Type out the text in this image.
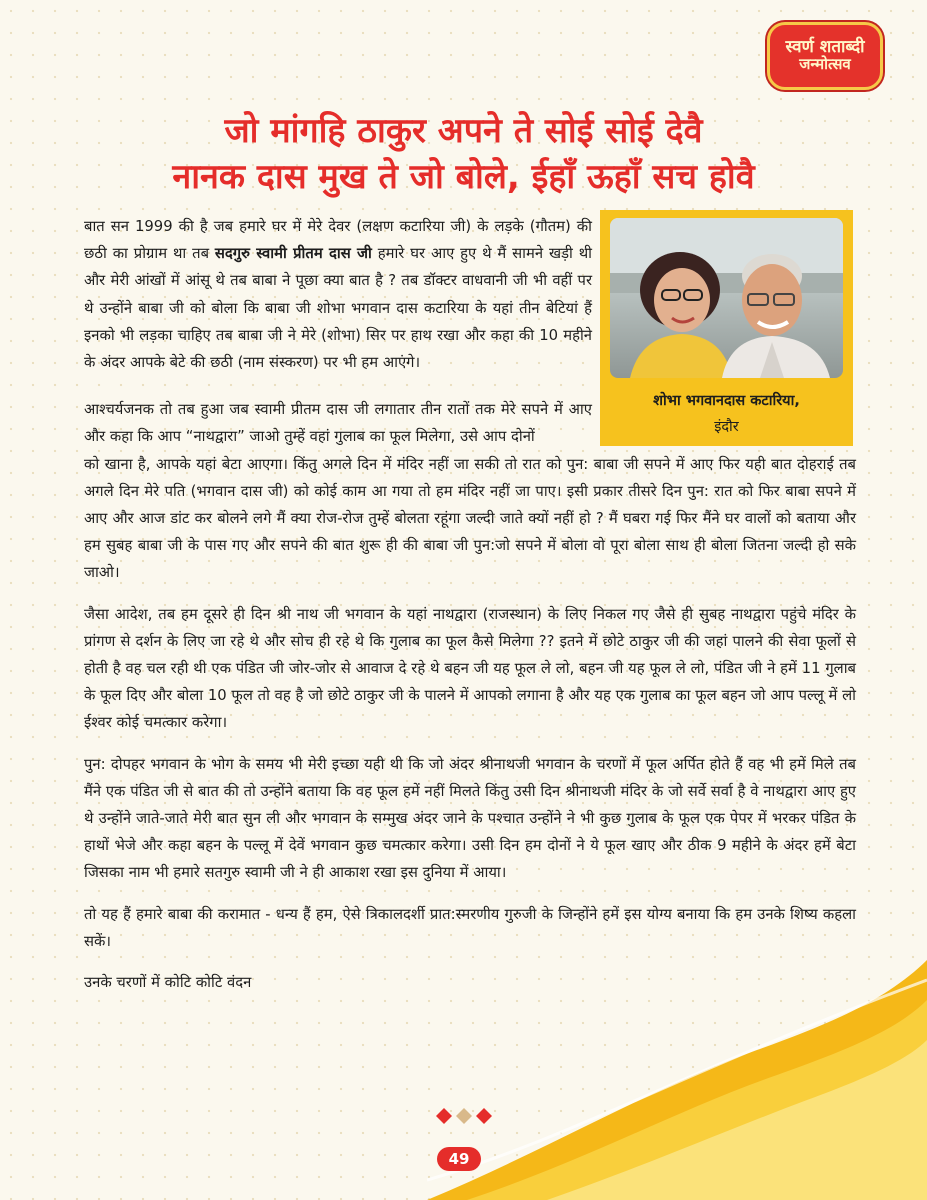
स्वर्ण शताब्दी
जन्मोत्सव
जो मांगहि ठाकुर अपने ते सोई सोई देवै
नानक दास मुख ते जो बोले, ईहाँ ऊहाँ सच होवै
शोभा भगवानदास कटारिया,
इंदौर

बात सन 1999 की है जब हमारे घर में मेरे देवर (लक्षण कटारिया जी) के लड़के (गौतम) की छठी का प्रोग्राम था तब सदगुरु स्वामी प्रीतम दास जी हमारे घर आए हुए थे मैं सामने खड़ी थी और मेरी आंखों में आंसू थे तब बाबा ने पूछा क्या बात है ? तब डॉक्टर वाधवानी जी भी वहीं पर थे उन्होंने बाबा जी को बोला कि बाबा जी शोभा भगवान दास कटारिया के यहां तीन बेटियां हैं इनको भी लड़का चाहिए तब बाबा जी ने मेरे (शोभा) सिर पर हाथ रखा और कहा की 10 महीने के अंदर आपके बेटे की छठी (नाम संस्करण) पर भी हम आएंगे।

आश्चर्यजनक तो तब हुआ जब स्वामी प्रीतम दास जी लगातार तीन रातों तक मेरे सपने में आए और कहा कि आप “नाथद्वारा” जाओ तुम्हें वहां गुलाब का फूल मिलेगा, उसे आप दोनों
को खाना है, आपके यहां बेटा आएगा। किंतु अगले दिन में मंदिर नहीं जा सकी तो रात को पुन: बाबा जी सपने में आए फिर यही बात दोहराई तब अगले दिन मेरे पति (भगवान दास जी) को कोई काम आ गया तो हम मंदिर नहीं जा पाए। इसी प्रकार तीसरे दिन पुन: रात को फिर बाबा सपने में आए और आज डांट कर बोलने लगे मैं क्या रोज-रोज तुम्हें बोलता रहूंगा जल्दी जाते क्यों नहीं हो ? मैं घबरा गई फिर मैंने घर वालों को बताया और हम सुबह बाबा जी के पास गए और सपने की बात शुरू ही की बाबा जी पुन:जो सपने में बोला वो पूरा बोला साथ ही बोला जितना जल्दी हो सके जाओ।

जैसा आदेश, तब हम दूसरे ही दिन श्री नाथ जी भगवान के यहां नाथद्वारा (राजस्थान) के लिए निकल गए जैसे ही सुबह नाथद्वारा पहुंचे मंदिर के प्रांगण से दर्शन के लिए जा रहे थे और सोच ही रहे थे कि गुलाब का फूल कैसे मिलेगा ?? इतने में छोटे ठाकुर जी की जहां पालने की सेवा फूलों से होती है वह चल रही थी एक पंडित जी जोर-जोर से आवाज दे रहे थे बहन जी यह फूल ले लो, बहन जी यह फूल ले लो, पंडित जी ने हमें 11 गुलाब के फूल दिए और बोला 10 फूल तो वह है जो छोटे ठाकुर जी के पालने में आपको लगाना है और यह एक गुलाब का फूल बहन जो आप पल्लू में लो ईश्वर कोई चमत्कार करेगा।

पुन: दोपहर भगवान के भोग के समय भी मेरी इच्छा यही थी कि जो अंदर श्रीनाथजी भगवान के चरणों में फूल अर्पित होते हैं वह भी हमें मिले तब मैंने एक पंडित जी से बात की तो उन्होंने बताया कि वह फूल हमें नहीं मिलते किंतु उसी दिन श्रीनाथजी मंदिर के जो सर्वे सर्वा है वे नाथद्वारा आए हुए थे उन्होंने जाते-जाते मेरी बात सुन ली और भगवान के सम्मुख अंदर जाने के पश्चात उन्होंने ने भी कुछ गुलाब के फूल एक पेपर में भरकर पंडित के हाथों भेजे और कहा बहन के पल्लू में देवें भगवान कुछ चमत्कार करेगा। उसी दिन हम दोनों ने ये फूल खाए और ठीक 9 महीने के अंदर हमें बेटा जिसका नाम भी हमारे सतगुरु स्वामी जी ने ही आकाश रखा इस दुनिया में आया।

तो यह हैं हमारे बाबा की करामात - धन्य हैं हम, ऐसे त्रिकालदर्शी प्रात:स्मरणीय गुरुजी के जिन्होंने हमें इस योग्य बनाया कि हम उनके शिष्य कहला सकें।

उनके चरणों में कोटि कोटि वंदन

49
